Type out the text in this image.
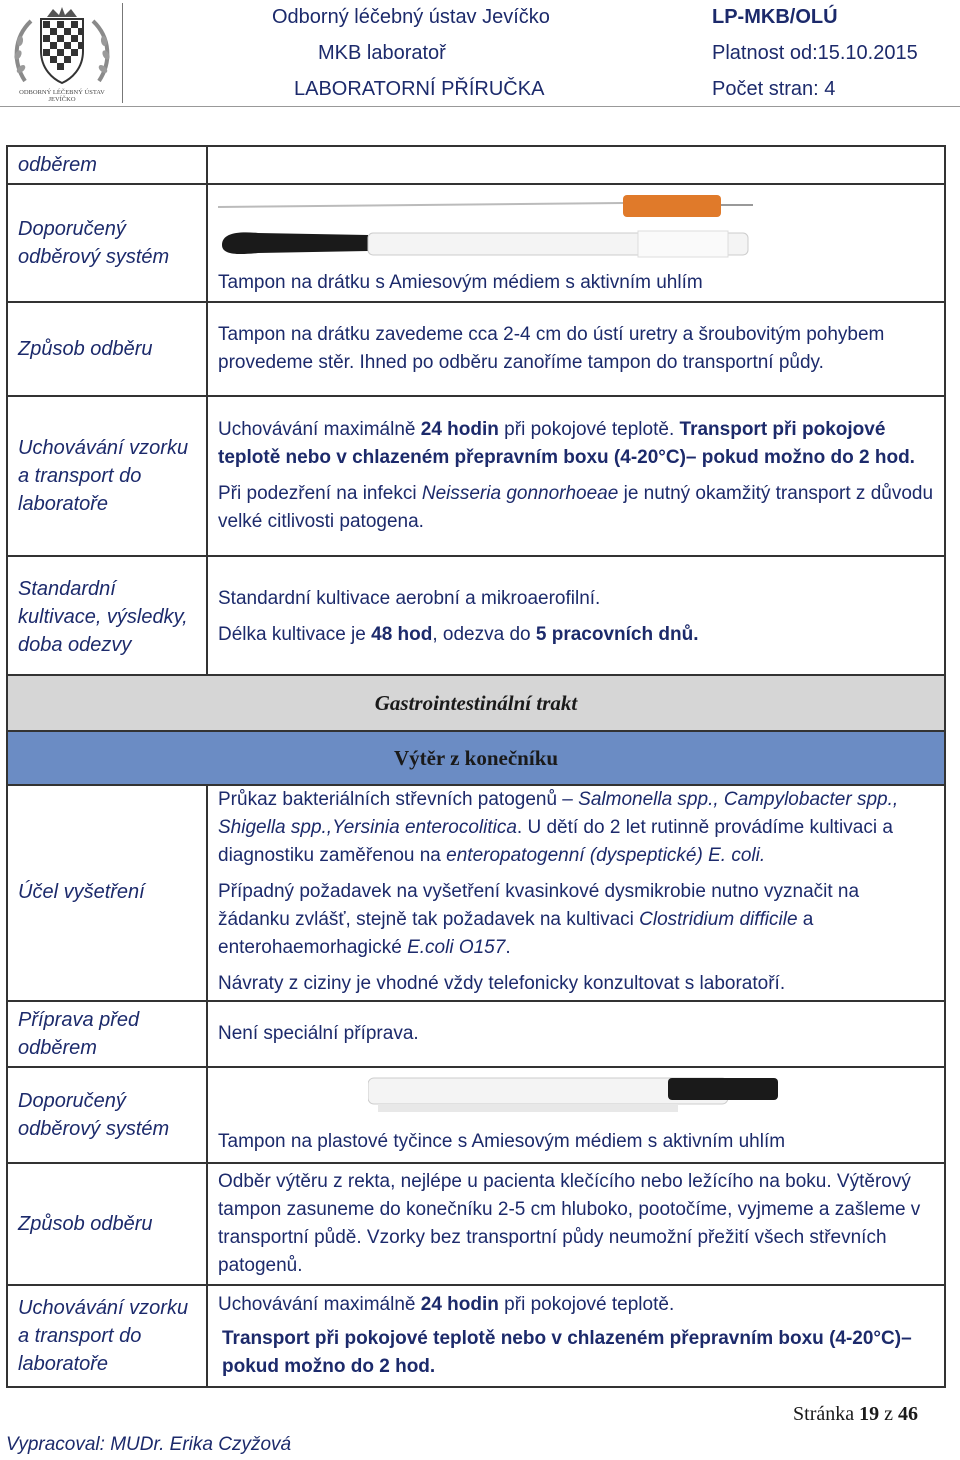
ODBORNÝ LÉČEBNÝ ÚSTAV
JEVÍČKO
Odborný léčebný ústav Jevíčko
MKB laboratoř
LABORATORNÍ PŘÍRUČKA
LP-MKB/OLÚ
Platnost od:15.10.2015
Počet stran: 4
odběrem
Doporučený odběrový systém
Tampon na drátku s Amiesovým médiem s aktivním uhlím
Způsob odběru
Tampon na drátku zavedeme cca 2-4 cm do ústí uretry a šroubovitým pohybem provedeme stěr. Ihned po odběru zanoříme tampon do transportní půdy.
Uchovávání vzorku a transport do laboratoře
Uchovávání maximálně 24 hodin při pokojové teplotě. Transport při pokojové teplotě nebo v chlazeném přepravním boxu (4-20°C)– pokud možno do 2 hod.
Při podezření na infekci Neisseria gonnorhoeae je nutný okamžitý transport z důvodu velké citlivosti patogena.
Standardní kultivace, výsledky, doba odezvy
Standardní kultivace aerobní a mikroaerofilní.
Délka kultivace je 48 hod, odezva do 5 pracovních dnů.
Gastrointestinální trakt
Výtěr z konečníku
Účel vyšetření
Průkaz bakteriálních střevních patogenů – Salmonella spp., Campylobacter spp., Shigella spp.,Yersinia enterocolitica. U dětí do 2 let rutinně provádíme kultivaci a diagnostiku zaměřenou na enteropatogenní (dyspeptické) E. coli.
Případný požadavek na vyšetření kvasinkové dysmikrobie nutno vyznačit na žádanku zvlášť, stejně tak požadavek na kultivaci Clostridium difficile a enterohaemorhagické E.coli O157.
Návraty z ciziny je vhodné vždy telefonicky konzultovat s laboratoří.
Příprava před odběrem
Není speciální příprava.
Doporučený odběrový systém
Tampon na plastové tyčince s Amiesovým médiem s aktivním uhlím
Způsob odběru
Odběr výtěru z rekta, nejlépe u pacienta klečícího nebo ležícího na boku. Výtěrový tampon zasuneme do konečníku 2-5 cm hluboko, pootočíme, vyjmeme a zašleme v transportní půdě. Vzorky bez transportní půdy neumožní přežití všech střevních patogenů.
Uchovávání vzorku a transport do laboratoře
Uchovávání maximálně 24 hodin při pokojové teplotě.
Transport při pokojové teplotě nebo v chlazeném přepravním boxu (4-20°C)– pokud možno do 2 hod.
Stránka 19 z 46
Vypracoval: MUDr. Erika Czyžová
